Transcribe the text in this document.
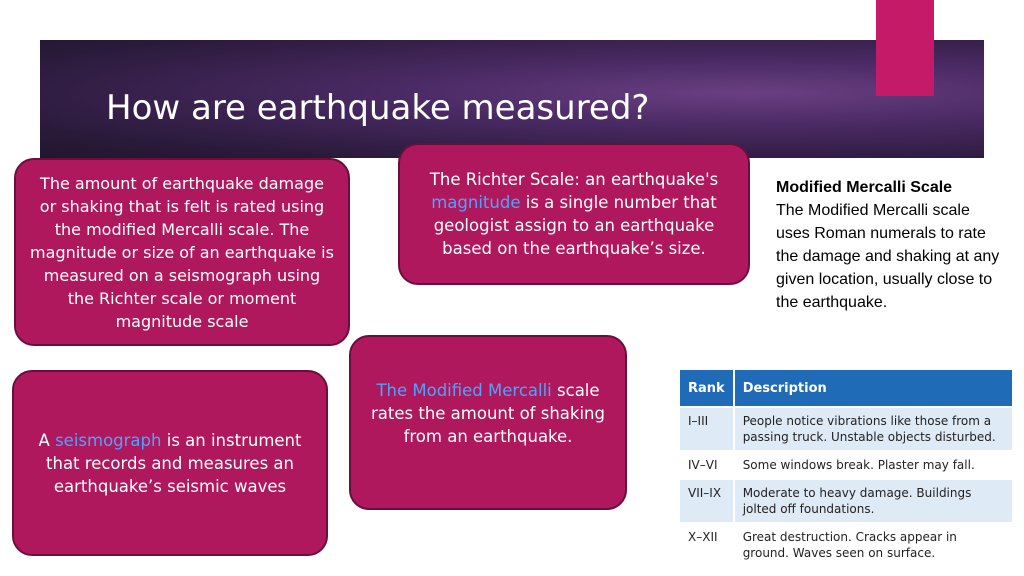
How are earthquake measured?
The amount of earthquake damage or shaking that is felt is rated using the modified Mercalli scale. The magnitude or size of an earthquake is measured on a seismograph using the Richter scale or moment magnitude scale
The Richter Scale: an earthquake's magnitude is a single number that geologist assign to an earthquake based on the earthquake’s size.
A seismograph is an instrument that records and measures an earthquake’s seismic waves
The Modified Mercalli scale rates the amount of shaking from an earthquake.
Modified Mercalli Scale
The Modified Mercalli scale uses Roman numerals to rate the damage and shaking at any given location, usually close to the earthquake.
Rank	Description
I–III	People notice vibrations like those from a passing truck. Unstable objects disturbed.
IV–VI	Some windows break. Plaster may fall.
VII–IX	Moderate to heavy damage. Buildings jolted off foundations.
X–XII	Great destruction. Cracks appear in ground. Waves seen on surface.
